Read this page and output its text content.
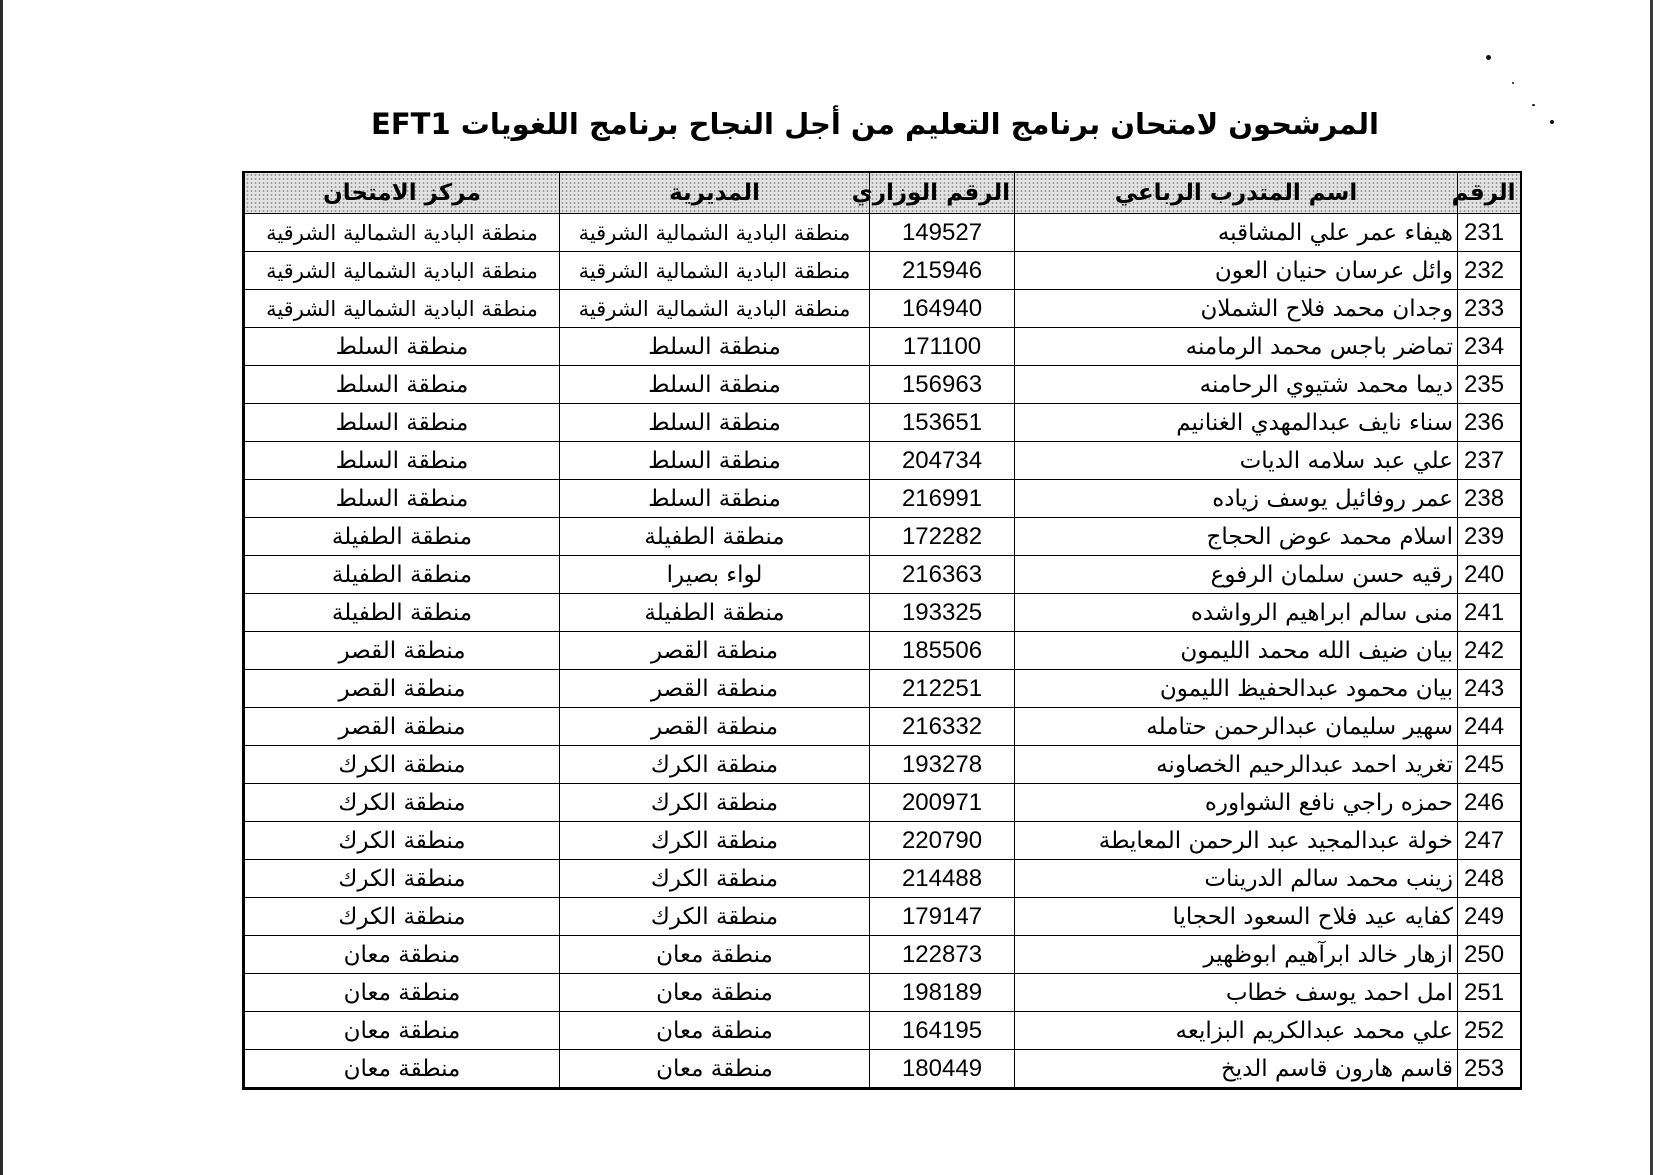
المرشحون لامتحان برنامج التعليم من أجل النجاح برنامج اللغويات EFT1
الرقم	اسم المتدرب الرباعي	الرقم الوزاري	المديرية	مركز الامتحان
231	هيفاء عمر علي المشاقبه	149527	منطقة البادية الشمالية الشرقية	منطقة البادية الشمالية الشرقية
232	وائل عرسان حنيان العون	215946	منطقة البادية الشمالية الشرقية	منطقة البادية الشمالية الشرقية
233	وجدان محمد فلاح الشملان	164940	منطقة البادية الشمالية الشرقية	منطقة البادية الشمالية الشرقية
234	تماضر باجس محمد الرمامنه	171100	منطقة السلط	منطقة السلط
235	ديما محمد شتيوي الرحامنه	156963	منطقة السلط	منطقة السلط
236	سناء نايف عبدالمهدي الغنانيم	153651	منطقة السلط	منطقة السلط
237	علي عبد سلامه الديات	204734	منطقة السلط	منطقة السلط
238	عمر روفائيل يوسف زياده	216991	منطقة السلط	منطقة السلط
239	اسلام محمد عوض الحجاج	172282	منطقة الطفيلة	منطقة الطفيلة
240	رقيه حسن سلمان الرفوع	216363	لواء بصيرا	منطقة الطفيلة
241	منى سالم ابراهيم الرواشده	193325	منطقة الطفيلة	منطقة الطفيلة
242	بيان ضيف الله محمد الليمون	185506	منطقة القصر	منطقة القصر
243	بيان محمود عبدالحفيظ الليمون	212251	منطقة القصر	منطقة القصر
244	سهير سليمان عبدالرحمن حتامله	216332	منطقة القصر	منطقة القصر
245	تغريد احمد عبدالرحيم الخصاونه	193278	منطقة الكرك	منطقة الكرك
246	حمزه راجي نافع الشواوره	200971	منطقة الكرك	منطقة الكرك
247	خولة عبدالمجيد عبد الرحمن المعايطة	220790	منطقة الكرك	منطقة الكرك
248	زينب محمد سالم الدرينات	214488	منطقة الكرك	منطقة الكرك
249	كفايه عيد فلاح السعود الحجايا	179147	منطقة الكرك	منطقة الكرك
250	ازهار خالد ابرآهيم ابوظهير	122873	منطقة معان	منطقة معان
251	امل احمد يوسف خطاب	198189	منطقة معان	منطقة معان
252	علي محمد عبدالكريم البزايعه	164195	منطقة معان	منطقة معان
253	قاسم هارون قاسم الديخ	180449	منطقة معان	منطقة معان
